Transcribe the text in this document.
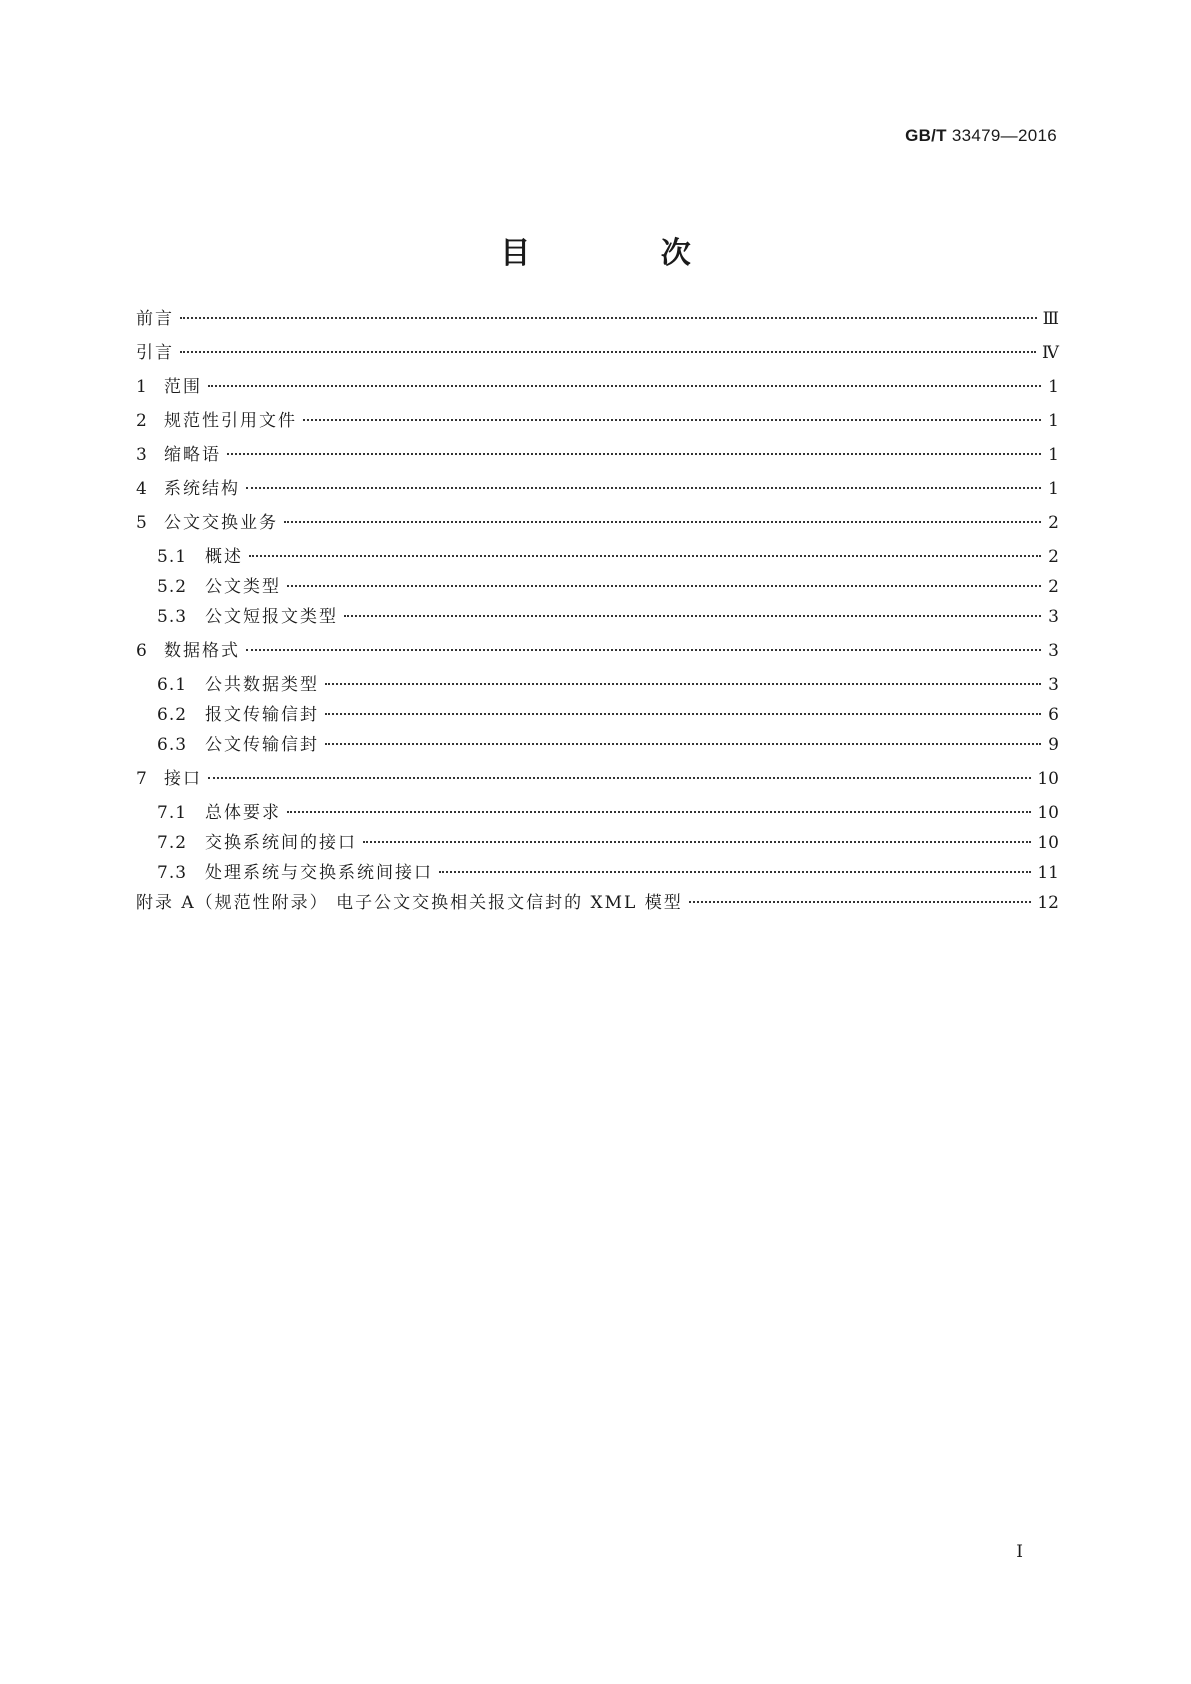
GB/T 33479—2016
目 次
前言	Ⅲ
引言	Ⅳ
1 范围	1
2 规范性引用文件	1
3 缩略语	1
4 系统结构	1
5 公文交换业务	2
5.1	概述	2
5.2	公文类型	2
5.3	公文短报文类型	3
6 数据格式	3
6.1	公共数据类型	3
6.2	报文传输信封	6
6.3	公文传输信封	9
7 接口	10
7.1	总体要求	10
7.2	交换系统间的接口	10
7.3	处理系统与交换系统间接口	11
附录 A（规范性附录） 电子公文交换相关报文信封的 XML 模型	12
I
